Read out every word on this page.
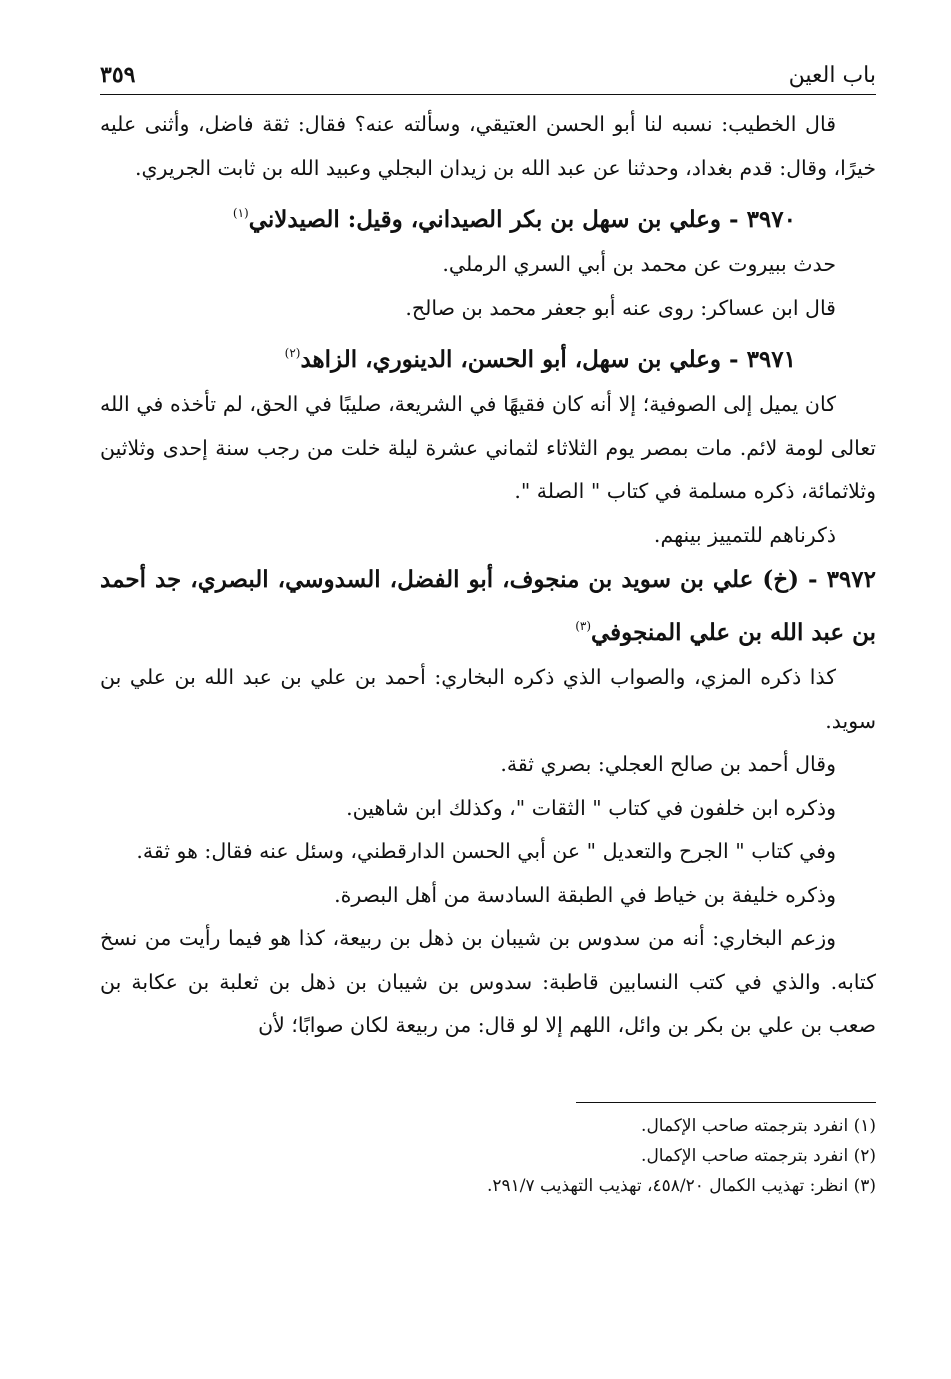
باب العين
٣٥٩

قال الخطيب: نسبه لنا أبو الحسن العتيقي، وسألته عنه؟ فقال: ثقة فاضل، وأثنى عليه خيرًا، وقال: قدم بغداد، وحدثنا عن عبد الله بن زيدان البجلي وعبيد الله بن ثابت الجريري.

٣٩٧٠ - وعلي بن سهل بن بكر الصيداني، وقيل: الصيدلاني$^{(١)}$

حدث ببيروت عن محمد بن أبي السري الرملي.

قال ابن عساكر: روى عنه أبو جعفر محمد بن صالح.

٣٩٧١ - وعلي بن سهل، أبو الحسن، الدينوري، الزاهد$^{(٢)}$

كان يميل إلى الصوفية؛ إلا أنه كان فقيهًا في الشريعة، صليبًا في الحق، لم تأخذه في الله تعالى لومة لائم. مات بمصر يوم الثلاثاء لثماني عشرة ليلة خلت من رجب سنة إحدى وثلاثين وثلاثمائة، ذكره مسلمة في كتاب " الصلة ".

ذكرناهم للتمييز بينهم.

٣٩٧٢ - (خ) علي بن سويد بن منجوف، أبو الفضل، السدوسي، البصري، جد أحمد بن عبد الله بن علي المنجوفي$^{(٣)}$

كذا ذكره المزي، والصواب الذي ذكره البخاري: أحمد بن علي بن عبد الله بن علي بن سويد.

وقال أحمد بن صالح العجلي: بصري ثقة.

وذكره ابن خلفون في كتاب " الثقات "، وكذلك ابن شاهين.

وفي كتاب " الجرح والتعديل " عن أبي الحسن الدارقطني، وسئل عنه فقال: هو ثقة.

وذكره خليفة بن خياط في الطبقة السادسة من أهل البصرة.

وزعم البخاري: أنه من سدوس بن شيبان بن ذهل بن ربيعة، كذا هو فيما رأيت من نسخ كتابه. والذي في كتب النسابين قاطبة: سدوس بن شيبان بن ذهل بن ثعلبة بن عكابة بن صعب بن علي بن بكر بن وائل، اللهم إلا لو قال: من ربيعة لكان صوابًا؛ لأن

(١) انفرد بترجمته صاحب الإكمال.

(٢) انفرد بترجمته صاحب الإكمال.

(٣) انظر: تهذيب الكمال ٤٥٨/٢٠، تهذيب التهذيب ٢٩١/٧.
